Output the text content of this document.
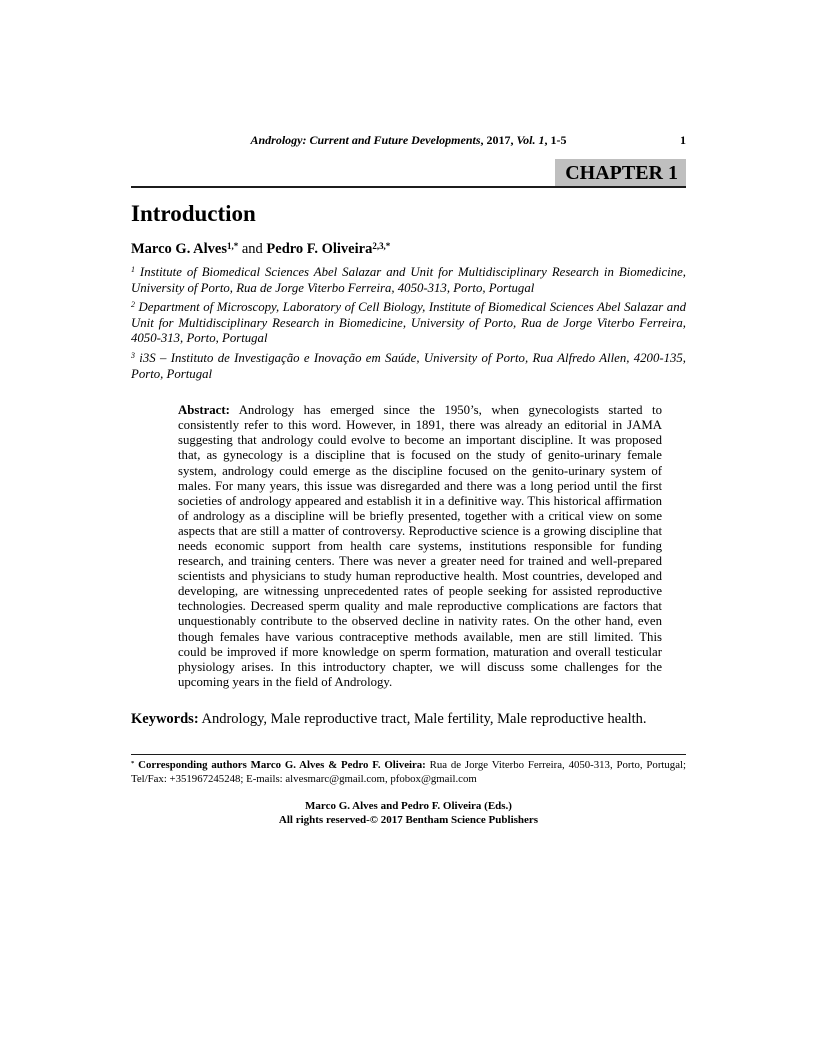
Andrology: Current and Future Developments, 2017, Vol. 1, 1-5	1
CHAPTER 1
Introduction
Marco G. Alves$^{1,*}$ and Pedro F. Oliveira$^{2,3,*}$

$^1$ Institute of Biomedical Sciences Abel Salazar and Unit for Multidisciplinary Research in Biomedicine, University of Porto, Rua de Jorge Viterbo Ferreira, 4050-313, Porto, Portugal

$^2$ Department of Microscopy, Laboratory of Cell Biology, Institute of Biomedical Sciences Abel Salazar and Unit for Multidisciplinary Research in Biomedicine, University of Porto, Rua de Jorge Viterbo Ferreira, 4050-313, Porto, Portugal

$^3$ i3S – Instituto de Investigação e Inovação em Saúde, University of Porto, Rua Alfredo Allen, 4200-135, Porto, Portugal

Abstract: Andrology has emerged since the 1950’s, when gynecologists started to consistently refer to this word. However, in 1891, there was already an editorial in JAMA suggesting that andrology could evolve to become an important discipline. It was proposed that, as gynecology is a discipline that is focused on the study of genito-urinary female system, andrology could emerge as the discipline focused on the genito-urinary system of males. For many years, this issue was disregarded and there was a long period until the first societies of andrology appeared and establish it in a definitive way. This historical affirmation of andrology as a discipline will be briefly presented, together with a critical view on some aspects that are still a matter of controversy. Reproductive science is a growing discipline that needs economic support from health care systems, institutions responsible for funding research, and training centers. There was never a greater need for trained and well-prepared scientists and physicians to study human reproductive health. Most countries, developed and developing, are witnessing unprecedented rates of people seeking for assisted reproductive technologies. Decreased sperm quality and male reproductive complications are factors that unquestionably contribute to the observed decline in nativity rates. On the other hand, even though females have various contraceptive methods available, men are still limited. This could be improved if more knowledge on sperm formation, maturation and overall testicular physiology arises. In this introductory chapter, we will discuss some challenges for the upcoming years in the field of Andrology.
Keywords: Andrology, Male reproductive tract, Male fertility, Male reproductive health.
* Corresponding authors Marco G. Alves & Pedro F. Oliveira: Rua de Jorge Viterbo Ferreira, 4050-313, Porto, Portugal; Tel/Fax: +351967245248; E-mails: alvesmarc@gmail.com, pfobox@gmail.com
Marco G. Alves and Pedro F. Oliveira (Eds.)
All rights reserved-© 2017 Bentham Science Publishers
